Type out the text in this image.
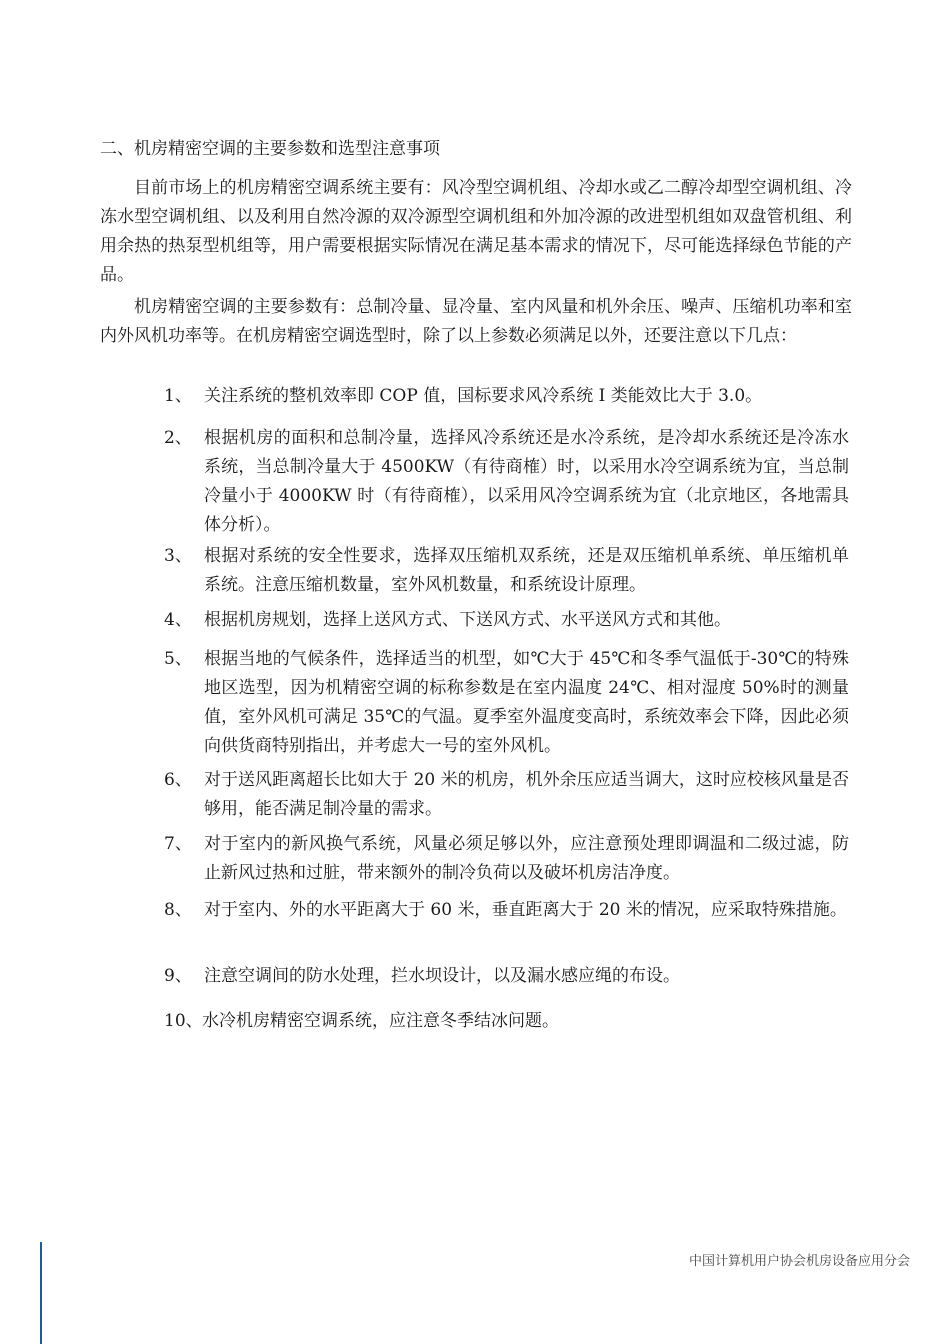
二、机房精密空调的主要参数和选型注意事项

目前市场上的机房精密空调系统主要有：风冷型空调机组、冷却水或乙二醇冷却型空调机组、冷冻水型空调机组、以及利用自然冷源的双冷源型空调机组和外加冷源的改进型机组如双盘管机组、利用余热的热泵型机组等，用户需要根据实际情况在满足基本需求的情况下，尽可能选择绿色节能的产品。

机房精密空调的主要参数有：总制冷量、显冷量、室内风量和机外余压、噪声、压缩机功率和室内外风机功率等。在机房精密空调选型时，除了以上参数必须满足以外，还要注意以下几点：

1、 关注系统的整机效率即 COP 值，国标要求风冷系统 I 类能效比大于 3.0。
2、 根据机房的面积和总制冷量，选择风冷系统还是水冷系统，是冷却水系统还是冷冻水系统，当总制冷量大于 4500KW（有待商榷）时，以采用水冷空调系统为宜，当总制冷量小于 4000KW 时（有待商榷），以采用风冷空调系统为宜（北京地区，各地需具体分析）。
3、 根据对系统的安全性要求，选择双压缩机双系统，还是双压缩机单系统、单压缩机单系统。注意压缩机数量，室外风机数量，和系统设计原理。
4、 根据机房规划，选择上送风方式、下送风方式、水平送风方式和其他。
5、 根据当地的气候条件，选择适当的机型，如℃大于 45℃和冬季气温低于-30℃的特殊地区选型，因为机精密空调的标称参数是在室内温度 24℃、相对湿度 50%时的测量值，室外风机可满足 35℃的气温。夏季室外温度变高时，系统效率会下降，因此必须向供货商特别指出，并考虑大一号的室外风机。
6、 对于送风距离超长比如大于 20 米的机房，机外余压应适当调大，这时应校核风量是否够用，能否满足制冷量的需求。
7、 对于室内的新风换气系统，风量必须足够以外，应注意预处理即调温和二级过滤，防止新风过热和过脏，带来额外的制冷负荷以及破坏机房洁净度。
8、 对于室内、外的水平距离大于 60 米，垂直距离大于 20 米的情况，应采取特殊措施。
9、 注意空调间的防水处理，拦水坝设计，以及漏水感应绳的布设。
10、 水冷机房精密空调系统，应注意冬季结冰问题。
中国计算机用户协会机房设备应用分会
